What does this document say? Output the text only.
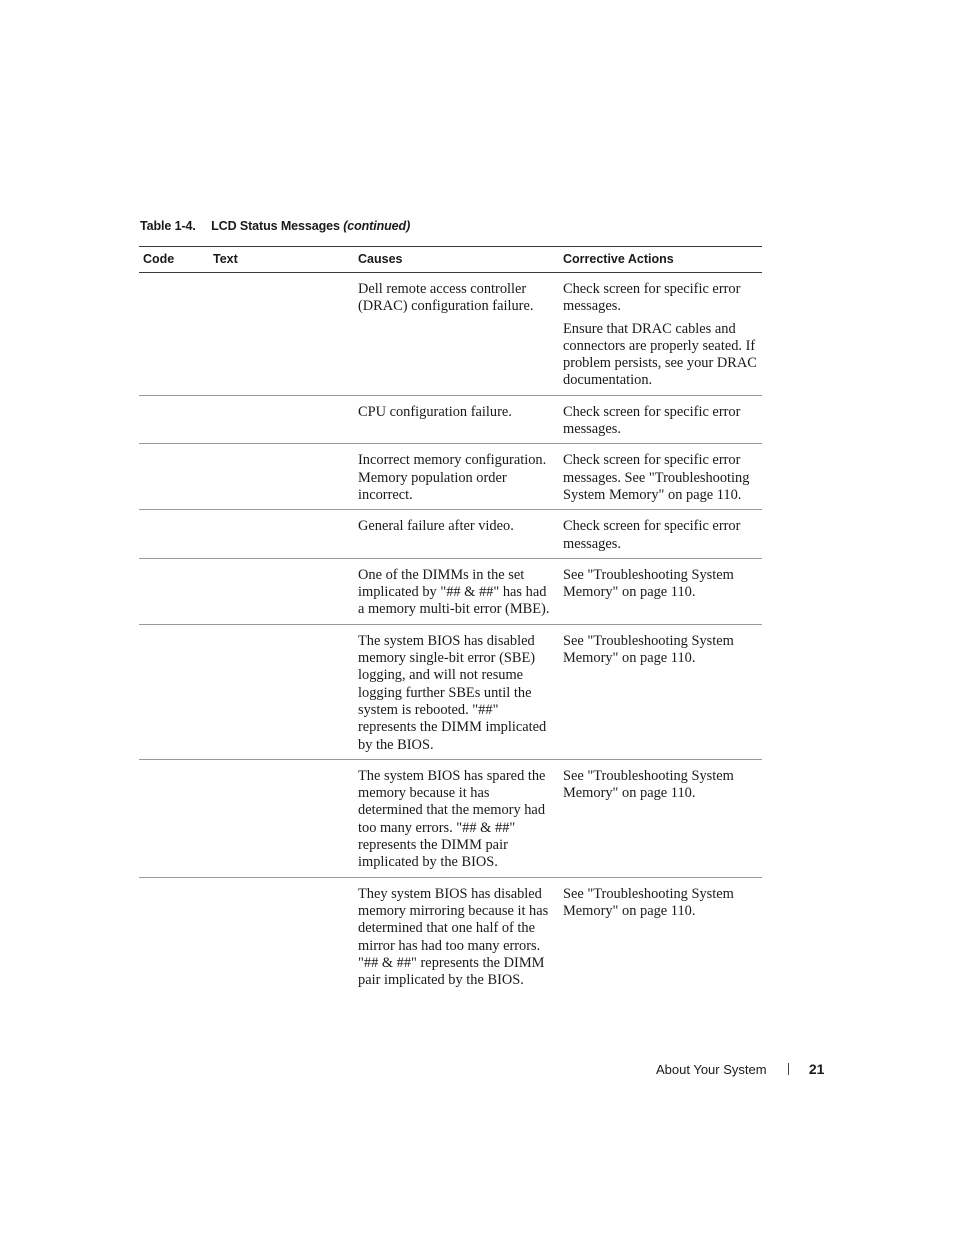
Table 1-4. LCD Status Messages (continued)
Code	Text	Causes	Corrective Actions
		Dell remote access controller (DRAC) configuration failure.	Check screen for specific error messages.

Ensure that DRAC cables and connectors are properly seated. If problem persists, see your DRAC documentation.

		CPU configuration failure.	Check screen for specific error messages.

		Incorrect memory configuration. Memory population order incorrect.	Check screen for specific error messages. See "Troubleshooting System Memory" on page 110.

		General failure after video.	Check screen for specific error messages.

		One of the DIMMs in the set implicated by "## & ##" has had a memory multi-bit error (MBE).	See "Troubleshooting System Memory" on page 110.

		The system BIOS has disabled memory single-bit error (SBE) logging, and will not resume logging further SBEs until the system is rebooted. "##" represents the DIMM implicated by the BIOS.	See "Troubleshooting System Memory" on page 110.

		The system BIOS has spared the memory because it has determined that the memory had too many errors. "## & ##" represents the DIMM pair implicated by the BIOS.	See "Troubleshooting System Memory" on page 110.

		They system BIOS has disabled memory mirroring because it has determined that one half of the mirror has had too many errors. "## & ##" represents the DIMM pair implicated by the BIOS.	See "Troubleshooting System Memory" on page 110.

About Your System	21
